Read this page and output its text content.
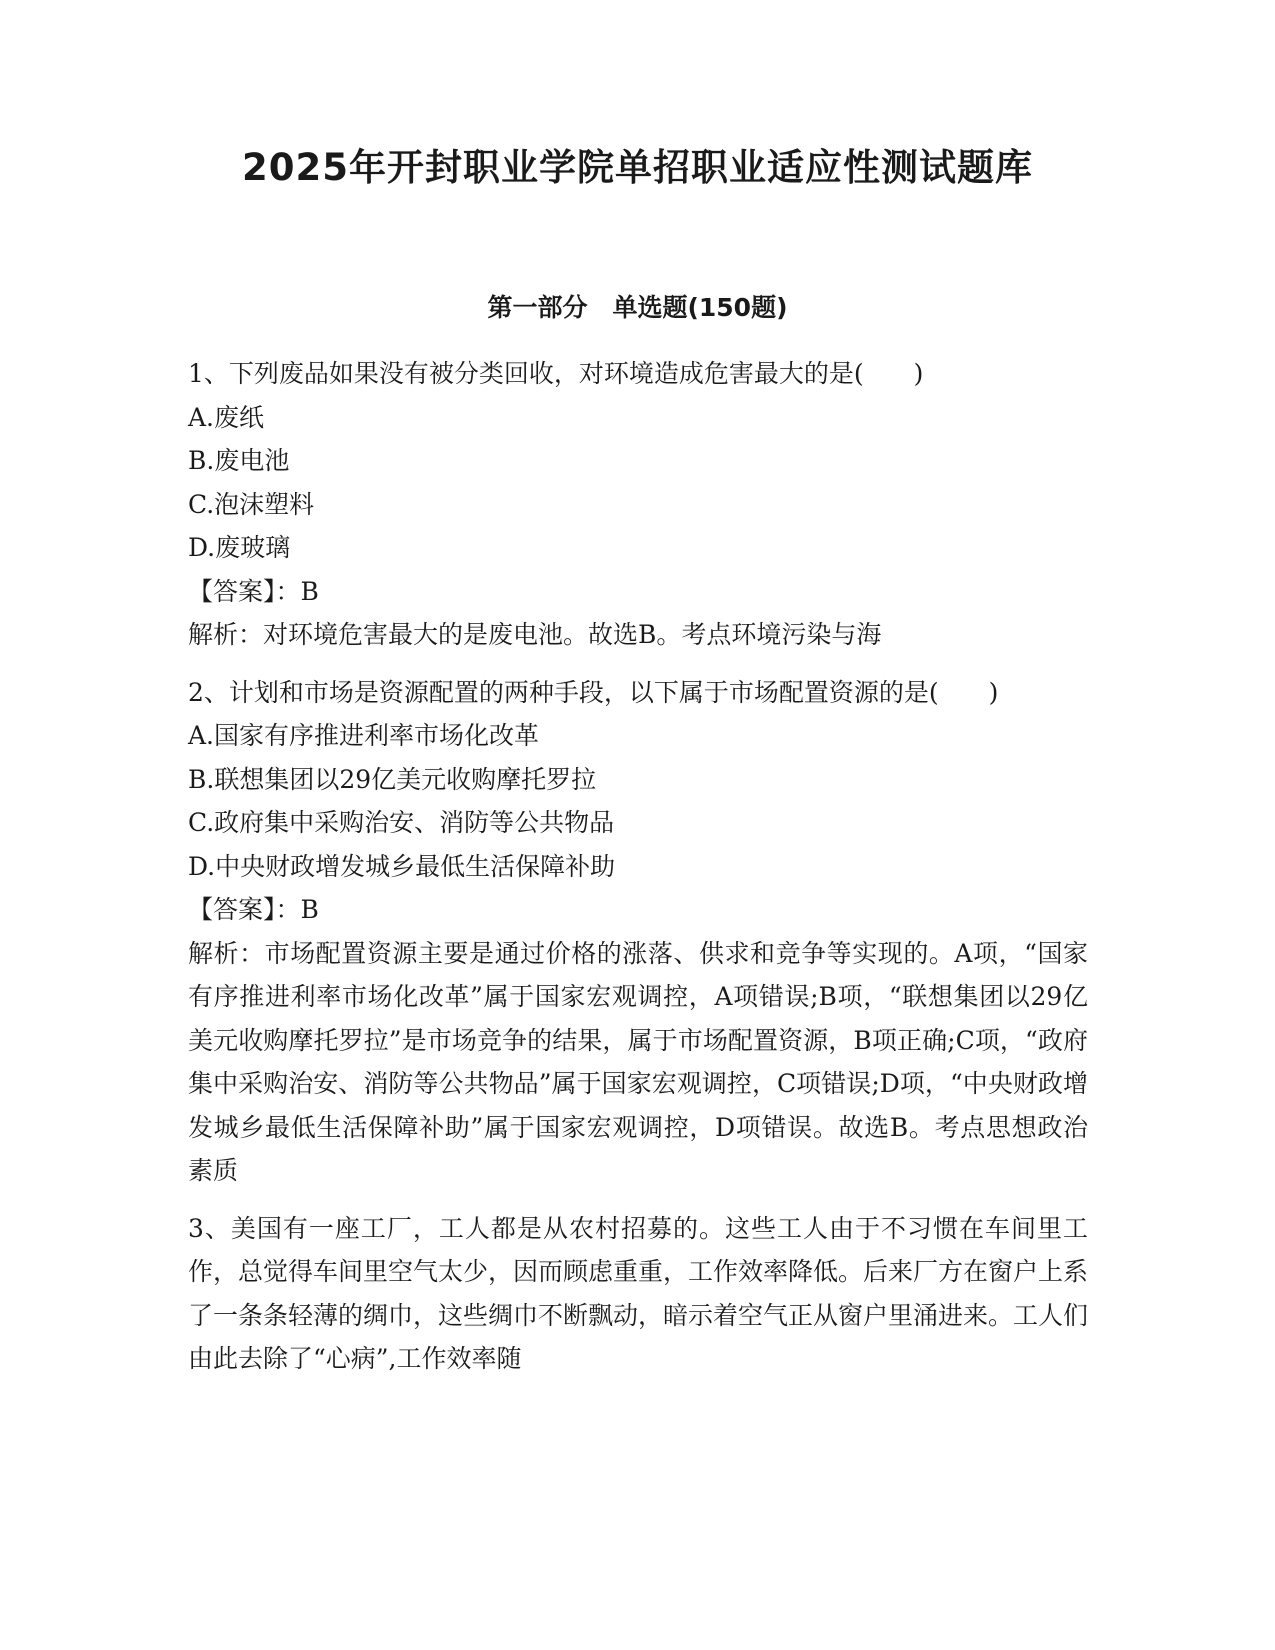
2025年开封职业学院单招职业适应性测试题库
第一部分　单选题(150题)
1、下列废品如果没有被分类回收，对环境造成危害最大的是(　　)
A.废纸
B.废电池
C.泡沫塑料
D.废玻璃
【答案】：B
解析：对环境危害最大的是废电池。故选B。考点环境污染与海
2、计划和市场是资源配置的两种手段，以下属于市场配置资源的是(　　)
A.国家有序推进利率市场化改革
B.联想集团以29亿美元收购摩托罗拉
C.政府集中采购治安、消防等公共物品
D.中央财政增发城乡最低生活保障补助
【答案】：B
解析：市场配置资源主要是通过价格的涨落、供求和竞争等实现的。A项，“国家有序推进利率市场化改革”属于国家宏观调控，A项错误;B项，“联想集团以29亿美元收购摩托罗拉”是市场竞争的结果，属于市场配置资源，B项正确;C项，“政府集中采购治安、消防等公共物品”属于国家宏观调控，C项错误;D项，“中央财政增发城乡最低生活保障补助”属于国家宏观调控，D项错误。故选B。考点思想政治素质
3、美国有一座工厂，工人都是从农村招募的。这些工人由于不习惯在车间里工作，总觉得车间里空气太少，因而顾虑重重，工作效率降低。后来厂方在窗户上系了一条条轻薄的绸巾，这些绸巾不断飘动，暗示着空气正从窗户里涌进来。工人们由此去除了“心病”,工作效率随
